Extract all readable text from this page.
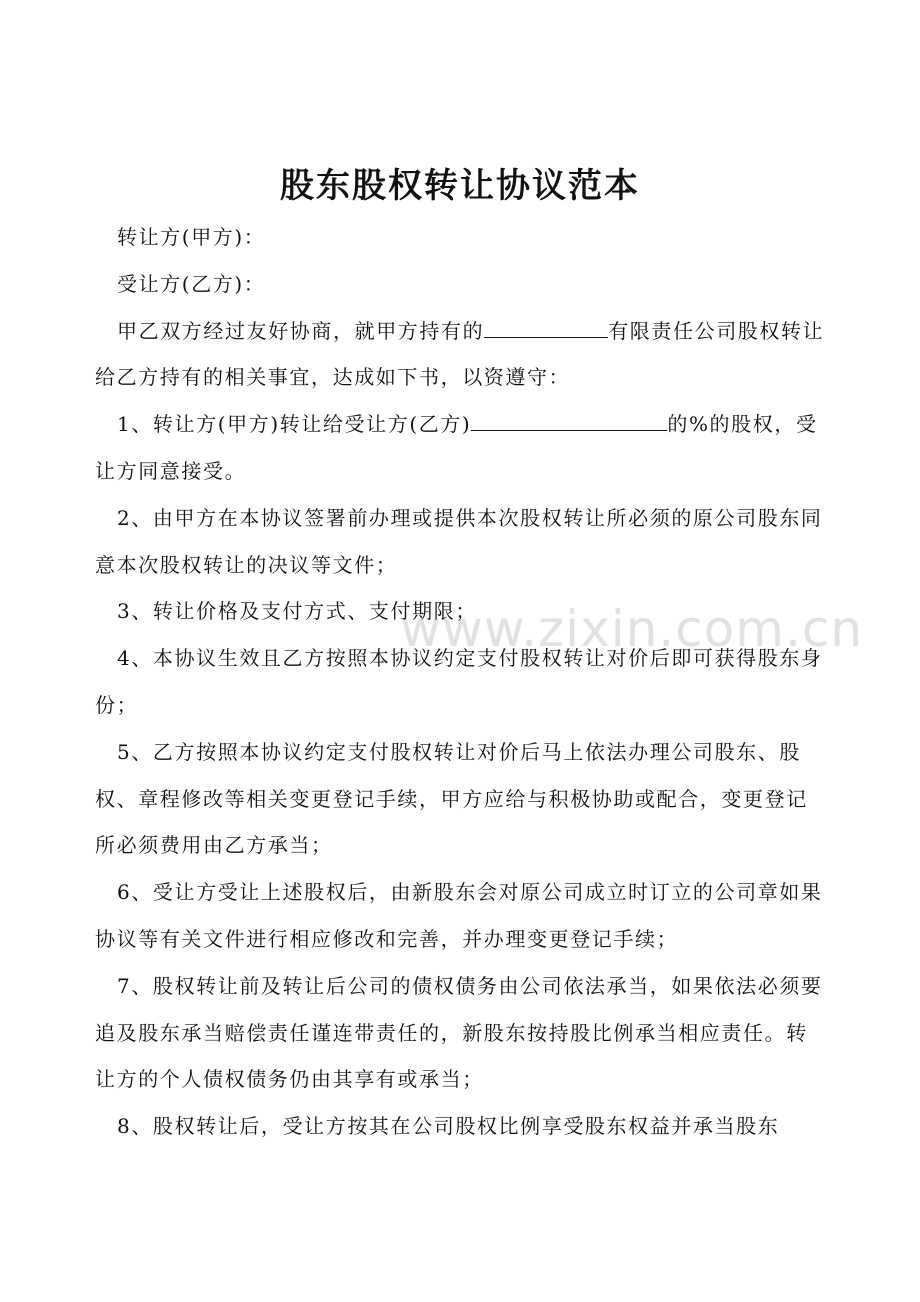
股东股权转让协议范本

转让方(甲方)：

受让方(乙方)：

甲乙双方经过友好协商，就甲方持有的	有限责任公司股权转让给乙方持有的相关事宜，达成如下书，以资遵守：

1、转让方(甲方)转让给受让方(乙方)	的%的股权，受让方同意接受。

2、由甲方在本协议签署前办理或提供本次股权转让所必须的原公司股东同意本次股权转让的决议等文件；

3、转让价格及支付方式、支付期限；

4、本协议生效且乙方按照本协议约定支付股权转让对价后即可获得股东身份；

5、乙方按照本协议约定支付股权转让对价后马上依法办理公司股东、股权、章程修改等相关变更登记手续，甲方应给与积极协助或配合，变更登记所必须费用由乙方承当；

6、受让方受让上述股权后，由新股东会对原公司成立时订立的公司章如果协议等有关文件进行相应修改和完善，并办理变更登记手续；

7、股权转让前及转让后公司的债权债务由公司依法承当，如果依法必须要追及股东承当赔偿责任谨连带责任的，新股东按持股比例承当相应责任。转让方的个人债权债务仍由其享有或承当；

8、股权转让后，受让方按其在公司股权比例享受股东权益并承当股东

www.zixin.com.cn
